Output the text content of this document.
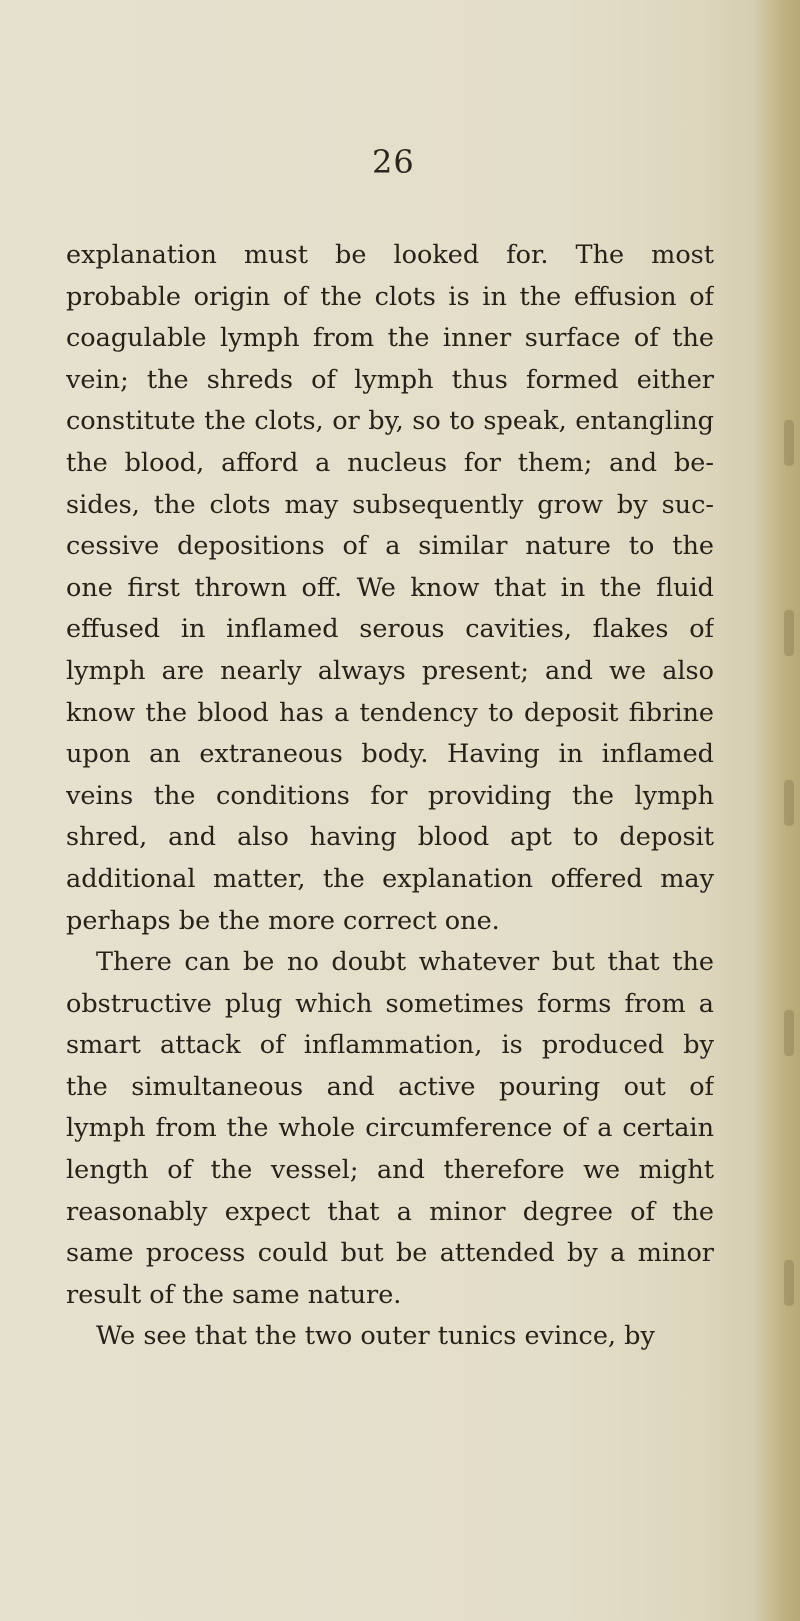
26
explanation must be looked for. The most
probable origin of the clots is in the effusion of
coagulable lymph from the inner surface of the
vein; the shreds of lymph thus formed either
constitute the clots, or by, so to speak, entangling
the blood, afford a nucleus for them; and be-
sides, the clots may subsequently grow by suc-
cessive depositions of a similar nature to the
one first thrown off. We know that in the fluid
effused in inflamed serous cavities, flakes of
lymph are nearly always present; and we also
know the blood has a tendency to deposit fibrine
upon an extraneous body. Having in inflamed
veins the conditions for providing the lymph
shred, and also having blood apt to deposit
additional matter, the explanation offered may
perhaps be the more correct one.
There can be no doubt whatever but that the
obstructive plug which sometimes forms from a
smart attack of inflammation, is produced by
the simultaneous and active pouring out of
lymph from the whole circumference of a certain
length of the vessel; and therefore we might
reasonably expect that a minor degree of the
same process could but be attended by a minor
result of the same nature.
We see that the two outer tunics evince, by
